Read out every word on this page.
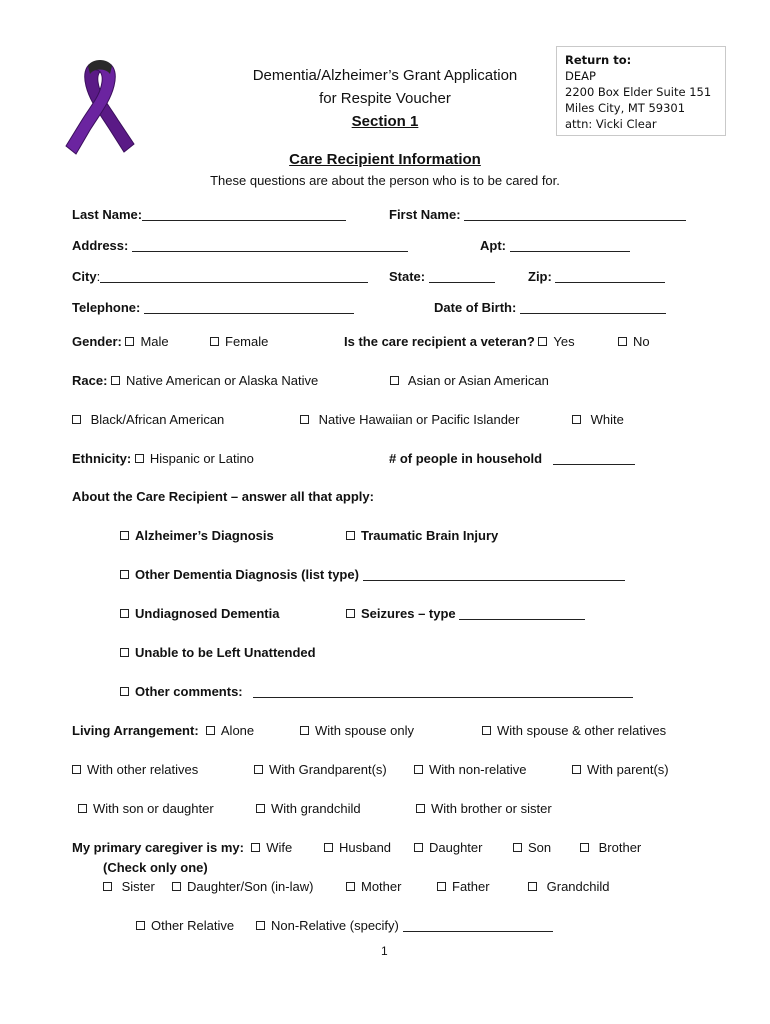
Dementia/Alzheimer’s Grant Application
for Respite Voucher
Section 1
Return to:
DEAP
2200 Box Elder Suite 151
Miles City, MT 59301
attn: Vicki Clear
Care Recipient Information
These questions are about the person who is to be cared for.
Last Name:	First Name:
Address:	Apt:
City:	State:	Zip:
Telephone:	Date of Birth:
Gender: Male	Female	Is the care recipient a veteran? Yes	No
Race: Native American or Alaska Native	Asian or Asian American
Black/African American	Native Hawaiian or Pacific Islander	White
Ethnicity: Hispanic or Latino	# of people in household
About the Care Recipient – answer all that apply:
Alzheimer’s Diagnosis	Traumatic Brain Injury
Other Dementia Diagnosis (list type)
Undiagnosed Dementia	Seizures – type
Unable to be Left Unattended
Other comments:
Living Arrangement: Alone	With spouse only	With spouse & other relatives
With other relatives	With Grandparent(s)	With non-relative	With parent(s)
With son or daughter	With grandchild	With brother or sister
My primary caregiver is my: Wife	Husband	Daughter	Son	Brother
(Check only one)
Sister	Daughter/Son (in-law)	Mother	Father	Grandchild
Other Relative	Non-Relative (specify)
1
